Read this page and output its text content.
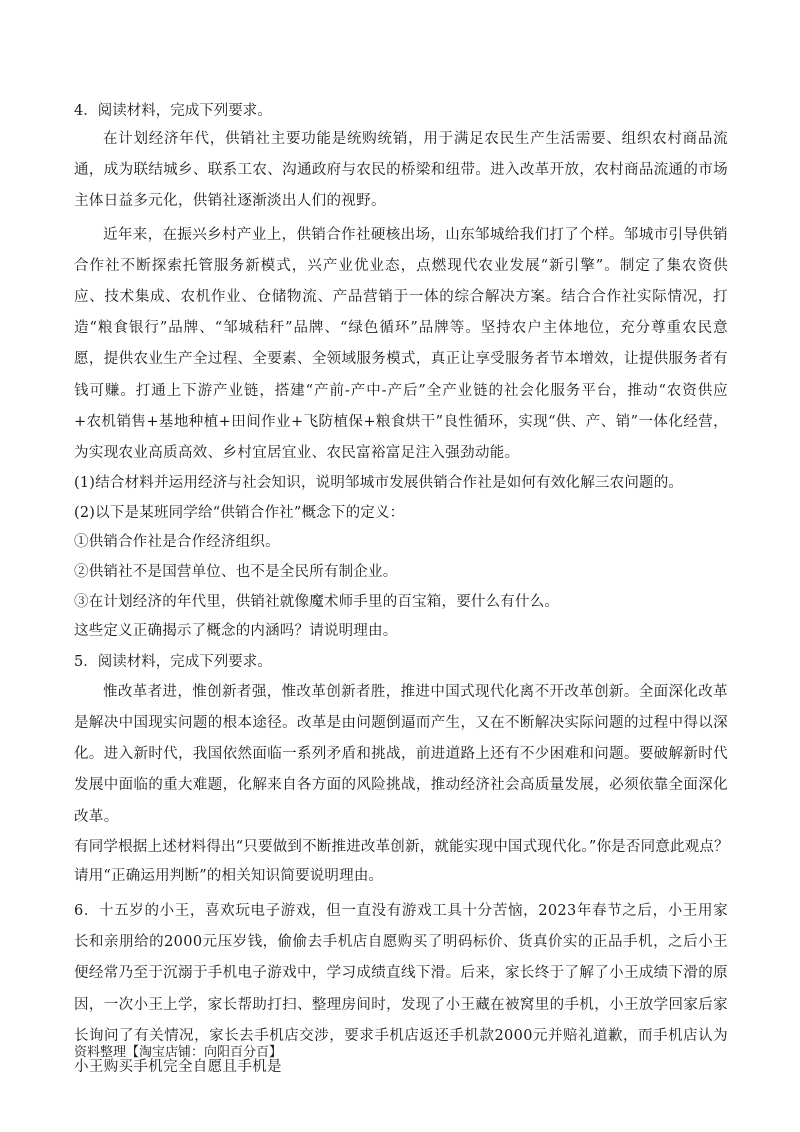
4．阅读材料，完成下列要求。

在计划经济年代，供销社主要功能是统购统销，用于满足农民生产生活需要、组织农村商品流通，成为联结城乡、联系工农、沟通政府与农民的桥梁和纽带。进入改革开放，农村商品流通的市场主体日益多元化，供销社逐渐淡出人们的视野。

近年来，在振兴乡村产业上，供销合作社硬核出场，山东邹城给我们打了个样。邹城市引导供销合作社不断探索托管服务新模式，兴产业优业态，点燃现代农业发展“新引擎”。制定了集农资供应、技术集成、农机作业、仓储物流、产品营销于一体的综合解决方案。结合合作社实际情况，打造“粮食银行”品牌、“邹城秸秆”品牌、“绿色循环”品牌等。坚持农户主体地位，充分尊重农民意愿，提供农业生产全过程、全要素、全领域服务模式，真正让享受服务者节本增效，让提供服务者有钱可赚。打通上下游产业链，搭建“产前-产中-产后”全产业链的社会化服务平台，推动“农资供应+农机销售+基地种植+田间作业+飞防植保+粮食烘干”良性循环，实现“供、产、销”一体化经营，为实现农业高质高效、乡村宜居宜业、农民富裕富足注入强劲动能。

(1)结合材料并运用经济与社会知识，说明邹城市发展供销合作社是如何有效化解三农问题的。
(2)以下是某班同学给“供销合作社”概念下的定义：
①供销合作社是合作经济组织。
②供销社不是国营单位、也不是全民所有制企业。
③在计划经济的年代里，供销社就像魔术师手里的百宝箱，要什么有什么。
这些定义正确揭示了概念的内涵吗？请说明理由。
5．阅读材料，完成下列要求。

惟改革者进，惟创新者强，惟改革创新者胜，推进中国式现代化离不开改革创新。全面深化改革是解决中国现实问题的根本途径。改革是由问题倒逼而产生，又在不断解决实际问题的过程中得以深化。进入新时代，我国依然面临一系列矛盾和挑战，前进道路上还有不少困难和问题。要破解新时代发展中面临的重大难题，化解来自各方面的风险挑战，推动经济社会高质量发展，必须依靠全面深化改革。

有同学根据上述材料得出“只要做到不断推进改革创新，就能实现中国式现代化。”你是否同意此观点？
请用“正确运用判断”的相关知识简要说明理由。

6．十五岁的小王，喜欢玩电子游戏，但一直没有游戏工具十分苦恼，2023年春节之后，小王用家长和亲朋给的2000元压岁钱，偷偷去手机店自愿购买了明码标价、货真价实的正品手机，之后小王便经常乃至于沉溺于手机电子游戏中，学习成绩直线下滑。后来，家长终于了解了小王成绩下滑的原因，一次小王上学，家长帮助打扫、整理房间时，发现了小王藏在被窝里的手机，小王放学回家后家长询问了有关情况，家长去手机店交涉，要求手机店返还手机款2000元并赔礼道歉，而手机店认为小王购买手机完全自愿且手机是

资料整理【淘宝店铺：向阳百分百】
